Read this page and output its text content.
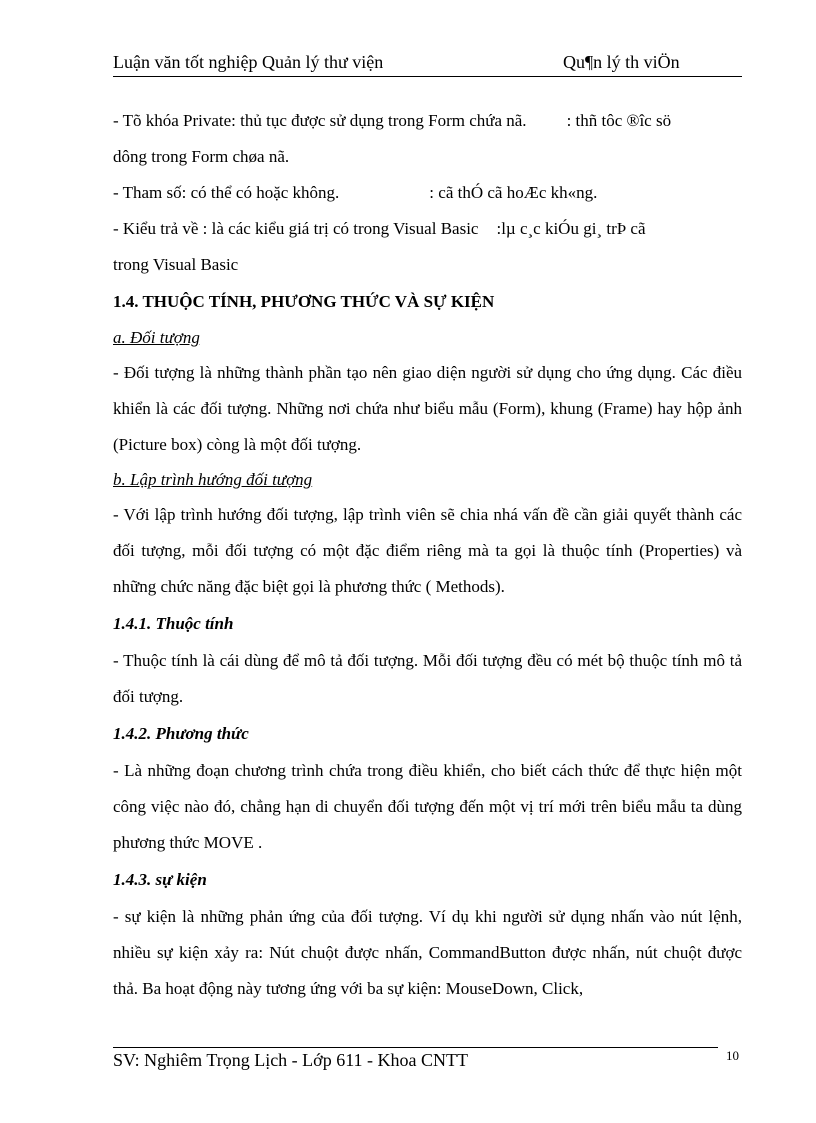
Luận văn tốt nghiệp Quản lý thư viện	Qu¶n lý th viÖn

- Tõ khóa Private: thủ tục được sử dụng trong Form chứa nã. : thñ tôc ®îc sö

dông trong Form chøa nã.

- Tham số: có thể có hoặc không.	: cã thÓ cã hoÆc kh«ng.

- Kiểu trả về : là các kiểu giá trị có trong Visual Basic :lµ c¸c kiÓu gi¸ trÞ cã

trong Visual Basic

1.4. THUỘC TÍNH, PHƯƠNG THỨC VÀ SỰ KIỆN

a. Đối tượng

- Đối tượng là những thành phần tạo nên giao diện người sử dụng cho ứng dụng. Các điều khiển là các đối tượng. Những nơi chứa như biểu mẫu (Form), khung (Frame) hay hộp ảnh (Picture box) còng là một đối tượng.

b. Lập trình hướng đối tượng

- Với lập trình hướng đối tượng, lập trình viên sẽ chia nhá vấn đề cần giải quyết thành các đối tượng, mỗi đối tượng có một đặc điểm riêng mà ta gọi là thuộc tính (Properties) và những chức năng đặc biệt gọi là phương thức ( Methods).

1.4.1. Thuộc tính

- Thuộc tính là cái dùng để mô tả đối tượng. Mỗi đối tượng đều có mét bộ thuộc tính mô tả đối tượng.

1.4.2. Phương thức

- Là những đoạn chương trình chứa trong điều khiển, cho biết cách thức để thực hiện một công việc nào đó, chẳng hạn di chuyển đối tượng đến một vị trí mới trên biểu mẫu ta dùng phương thức MOVE .

1.4.3. sự kiện

- sự kiện là những phản ứng của đối tượng. Ví dụ khi người sử dụng nhấn vào nút lệnh, nhiều sự kiện xảy ra: Nút chuột được nhấn, CommandButton được nhấn, nút chuột được thả. Ba hoạt động này tương ứng với ba sự kiện: MouseDown, Click,

SV: Nghiêm Trọng Lịch - Lớp 611 - Khoa CNTT	10
